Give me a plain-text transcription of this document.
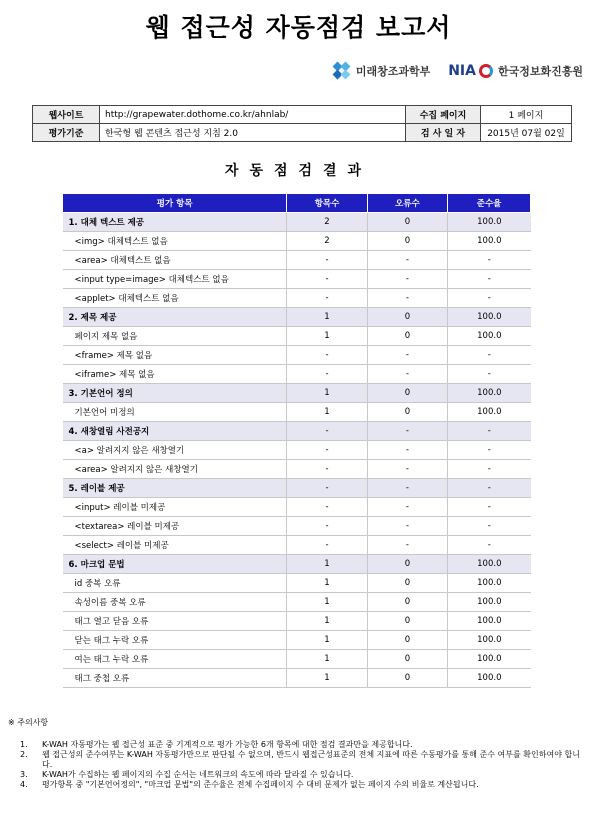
웹 접근성 자동점검 보고서
미래창조과학부 NIA 한국정보화진흥원
웹사이트	http://grapewater.dothome.co.kr/ahnlab/	수집 페이지	1 페이지
평가기준	한국형 웹 콘텐츠 접근성 지침 2.0	검 사 일 자	2015년 07월 02일
자동점검결과
평가 항목	항목수	오류수	준수율
1. 대체 텍스트 제공	2	0	100.0
<img> 대체텍스트 없음	2	0	100.0
<area> 대체텍스트 없음	-	-	-
<input type=image> 대체텍스트 없음	-	-	-
<applet> 대체텍스트 없음	-	-	-
2. 제목 제공	1	0	100.0
페이지 제목 없음	1	0	100.0
<frame> 제목 없음	-	-	-
<iframe> 제목 없음	-	-	-
3. 기본언어 정의	1	0	100.0
기본언어 미정의	1	0	100.0
4. 새창열림 사전공지	-	-	-
<a> 알려지지 않은 새창열기	-	-	-
<area> 알려지지 않은 새창열기	-	-	-
5. 레이블 제공	-	-	-
<input> 레이블 미제공	-	-	-
<textarea> 레이블 미제공	-	-	-
<select> 레이블 미제공	-	-	-
6. 마크업 문법	1	0	100.0
id 중복 오류	1	0	100.0
속성이름 중복 오류	1	0	100.0
태그 열고 닫음 오류	1	0	100.0
닫는 태그 누락 오류	1	0	100.0
여는 태그 누락 오류	1	0	100.0
태그 중첩 오류	1	0	100.0
※ 주의사항
1. K-WAH 자동평가는 웹 접근성 표준 중 기계적으로 평가 가능한 6개 항목에 대한 점검 결과만을 제공합니다.
2. 웹 접근성의 준수여부는 K-WAH 자동평가만으로 판단될 수 없으며, 반드시 웹접근성표준의 전체 지표에 따른 수동평가를 통해 준수 여부를 확인하여야 합니다.
3. K-WAH가 수집하는 웹 페이지의 수집 순서는 네트워크의 속도에 따라 달라질 수 있습니다.
4. 평가항목 중 "기본언어정의", "마크업 문법"의 준수율은 전체 수집페이지 수 대비 문제가 없는 페이지 수의 비율로 계산됩니다.
